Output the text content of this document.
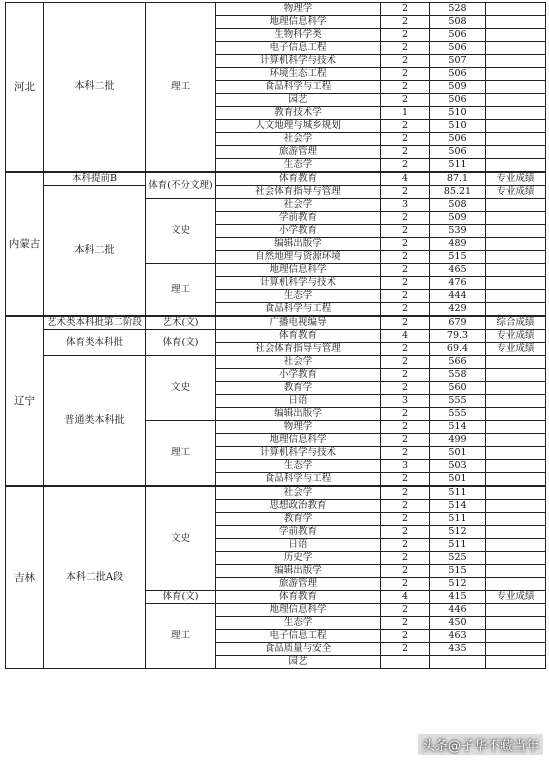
河北	本科二批	理工	物理学	2	528	
			地理信息科学	2	508	
			生物科学类	2	506	
			电子信息工程	2	506	
			计算机科学与技术	2	507	
			环境生态工程	2	506	
			食品科学与工程	2	509	
			园艺	2	506	
			教育技术学	1	510	
			人文地理与城乡规划	2	510	
			社会学	2	506	
			旅游管理	2	506	
			生态学	2	511	
内蒙古	本科提前B	体育(不分文理)	体育教育	4	87.1	专业成绩
	本科二批		社会体育指导与管理	2	85.21	专业成绩
		文史	社会学	3	508	
			学前教育	2	509	
			小学教育	2	539	
			编辑出版学	2	489	
			自然地理与资源环境	2	515	
		理工	地理信息科学	2	465	
			计算机科学与技术	2	476	
			生态学	2	444	
			食品科学与工程	2	429	
辽宁	艺术类本科批第二阶段	艺术(文)	广播电视编导	2	679	综合成绩
	体育类本科批	体育(文)	体育教育	4	79.3	专业成绩
			社会体育指导与管理	2	69.4	专业成绩
	普通类本科批	文史	社会学	2	566	
			小学教育	2	558	
			教育学	2	560	
			日语	3	555	
			编辑出版学	2	555	
		理工	物理学	2	514	
			地理信息科学	2	499	
			计算机科学与技术	2	501	
			生态学	3	503	
			食品科学与工程	2	501	
吉林	本科二批A段	文史	社会学	2	511	
			思想政治教育	2	514	
			教育学	2	511	
			学前教育	2	512	
			日语	2	511	
			历史学	2	525	
			编辑出版学	2	515	
			旅游管理	2	512	
		体育(文)	体育教育	4	415	专业成绩
		理工	地理信息科学	2	446	
			生态学	2	450	
			电子信息工程	2	463	
			食品质量与安全	2	435	
			园艺			
头条@孑华不藏当年
